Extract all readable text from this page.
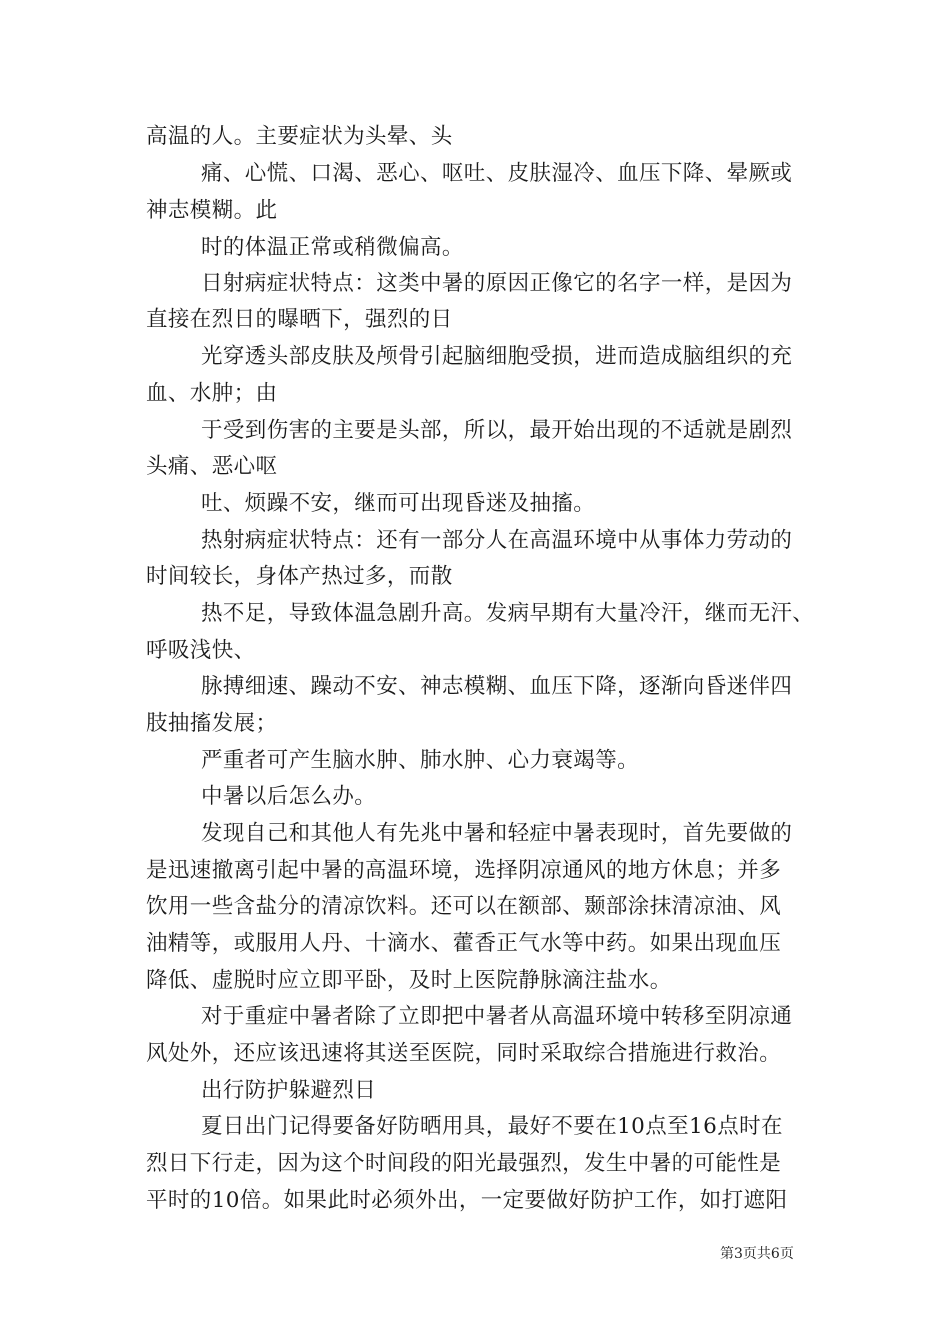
高温的人。主要症状为头晕、头
痛、心慌、口渴、恶心、呕吐、皮肤湿冷、血压下降、晕厥或
神志模糊。此
时的体温正常或稍微偏高。
日射病症状特点：这类中暑的原因正像它的名字一样，是因为
直接在烈日的曝晒下，强烈的日
光穿透头部皮肤及颅骨引起脑细胞受损，进而造成脑组织的充
血、水肿；由
于受到伤害的主要是头部，所以，最开始出现的不适就是剧烈
头痛、恶心呕
吐、烦躁不安，继而可出现昏迷及抽搐。
热射病症状特点：还有一部分人在高温环境中从事体力劳动的
时间较长，身体产热过多，而散
热不足，导致体温急剧升高。发病早期有大量冷汗，继而无汗、
呼吸浅快、
脉搏细速、躁动不安、神志模糊、血压下降，逐渐向昏迷伴四
肢抽搐发展；
严重者可产生脑水肿、肺水肿、心力衰竭等。
中暑以后怎么办。
发现自己和其他人有先兆中暑和轻症中暑表现时，首先要做的
是迅速撤离引起中暑的高温环境，选择阴凉通风的地方休息；并多
饮用一些含盐分的清凉饮料。还可以在额部、颞部涂抹清凉油、风
油精等，或服用人丹、十滴水、藿香正气水等中药。如果出现血压
降低、虚脱时应立即平卧，及时上医院静脉滴注盐水。
对于重症中暑者除了立即把中暑者从高温环境中转移至阴凉通
风处外，还应该迅速将其送至医院，同时采取综合措施进行救治。
出行防护躲避烈日
夏日出门记得要备好防晒用具，最好不要在10点至16点时在
烈日下行走，因为这个时间段的阳光最强烈，发生中暑的可能性是
平时的10倍。如果此时必须外出，一定要做好防护工作，如打遮阳
第3页共6页
